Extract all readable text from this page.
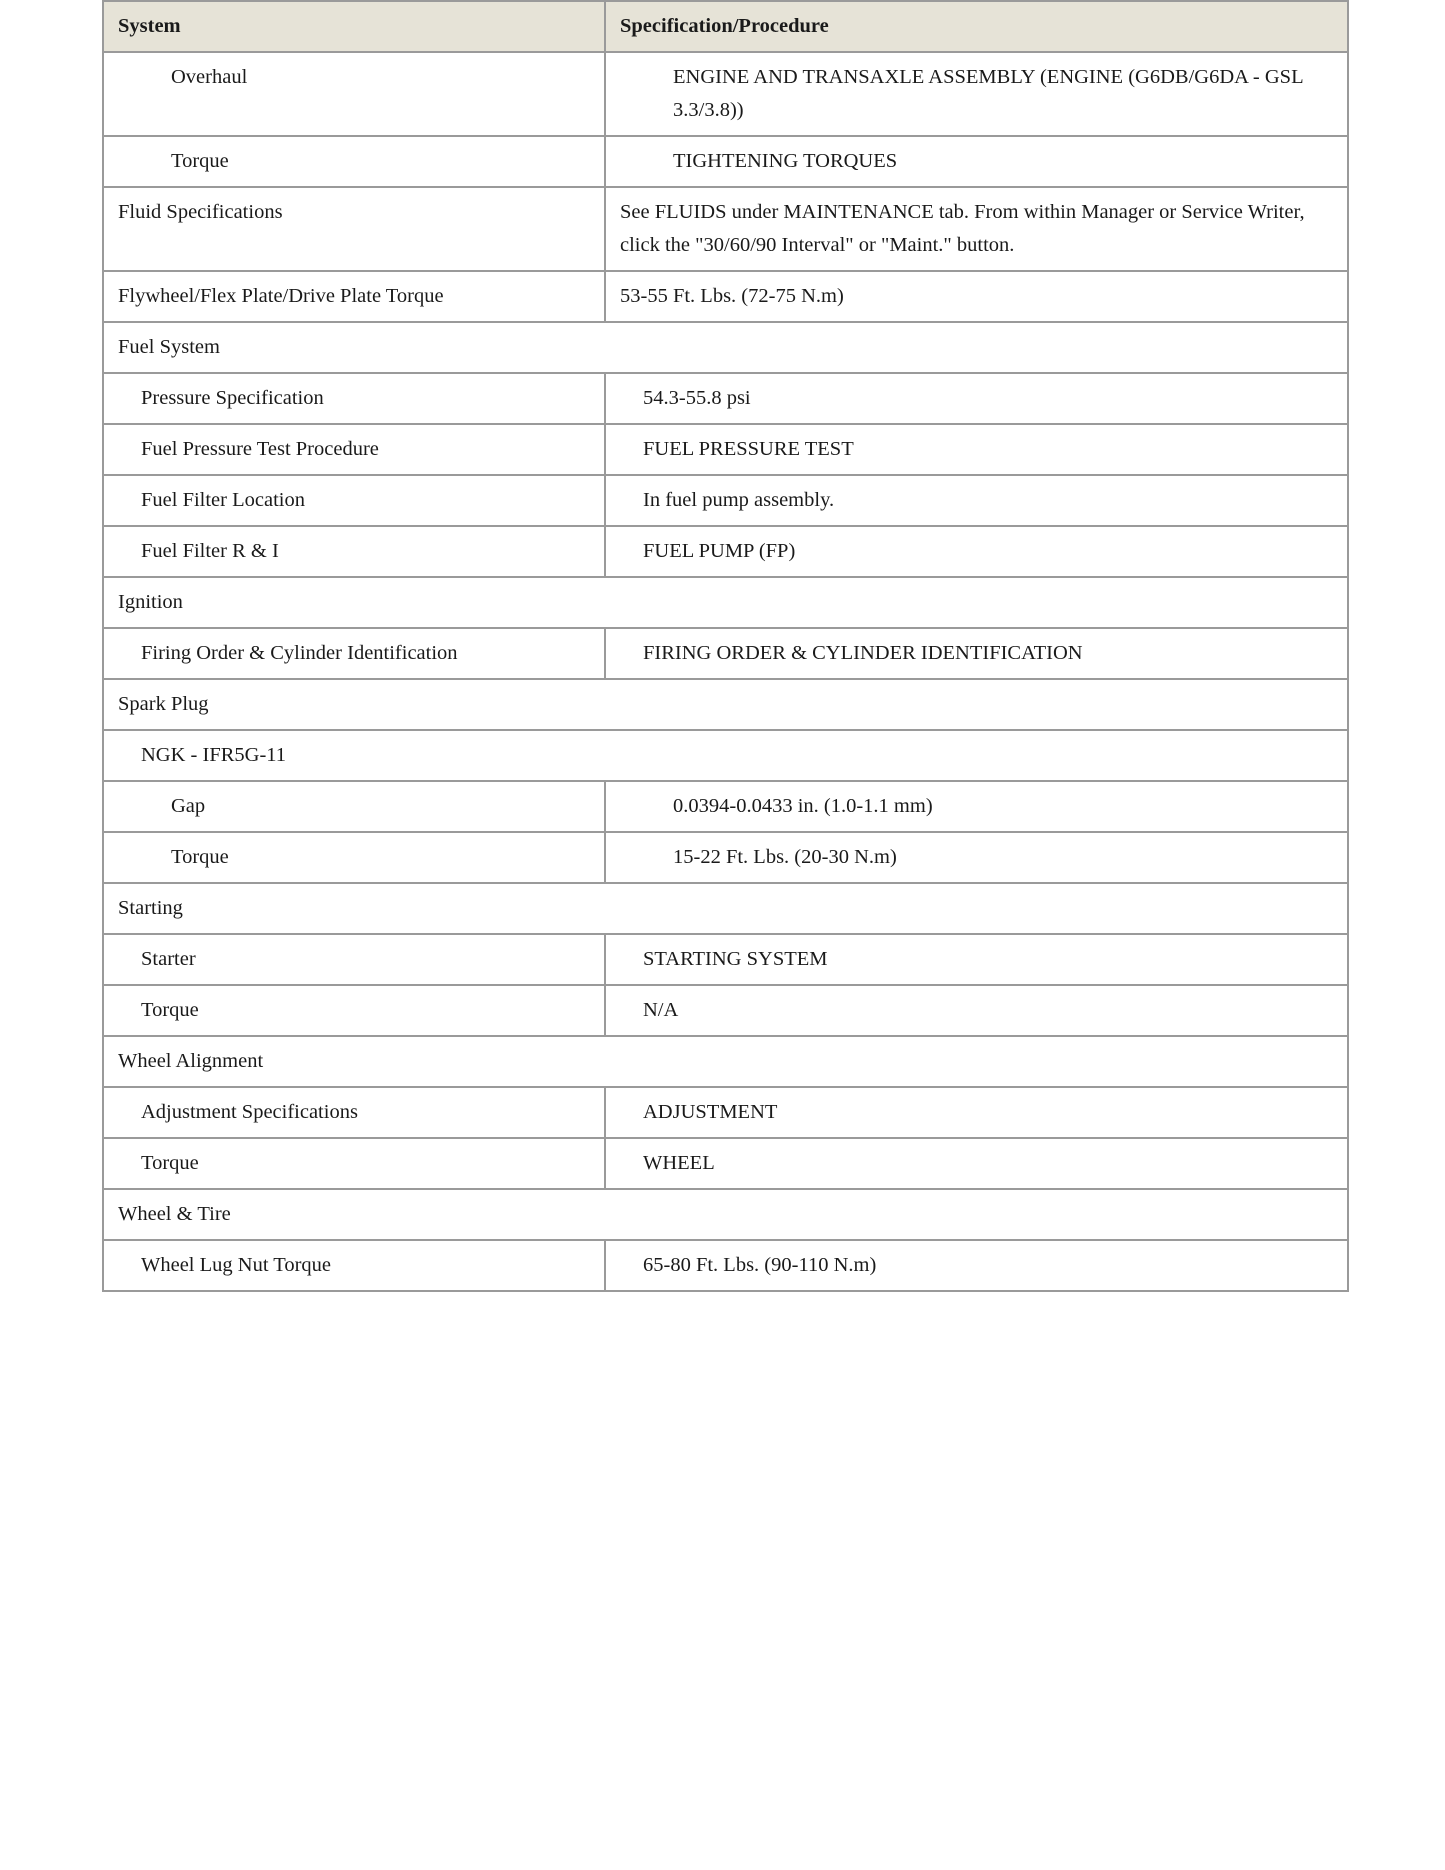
System	Specification/Procedure
Overhaul	ENGINE AND TRANSAXLE ASSEMBLY (ENGINE (G6DB/G6DA - GSL 3.3/3.8))
Torque	TIGHTENING TORQUES
Fluid Specifications	See FLUIDS under MAINTENANCE tab. From within Manager or Service Writer, click the "30/60/90 Interval" or "Maint." button.
Flywheel/Flex Plate/Drive Plate Torque	53-55 Ft. Lbs. (72-75 N.m)
Fuel System	
Pressure Specification	54.3-55.8 psi
Fuel Pressure Test Procedure	FUEL PRESSURE TEST
Fuel Filter Location	In fuel pump assembly.
Fuel Filter R & I	FUEL PUMP (FP)
Ignition	
Firing Order & Cylinder Identification	FIRING ORDER & CYLINDER IDENTIFICATION
Spark Plug	
NGK - IFR5G-11	
Gap	0.0394-0.0433 in. (1.0-1.1 mm)
Torque	15-22 Ft. Lbs. (20-30 N.m)
Starting	
Starter	STARTING SYSTEM
Torque	N/A
Wheel Alignment	
Adjustment Specifications	ADJUSTMENT
Torque	WHEEL
Wheel & Tire	
Wheel Lug Nut Torque	65-80 Ft. Lbs. (90-110 N.m)
